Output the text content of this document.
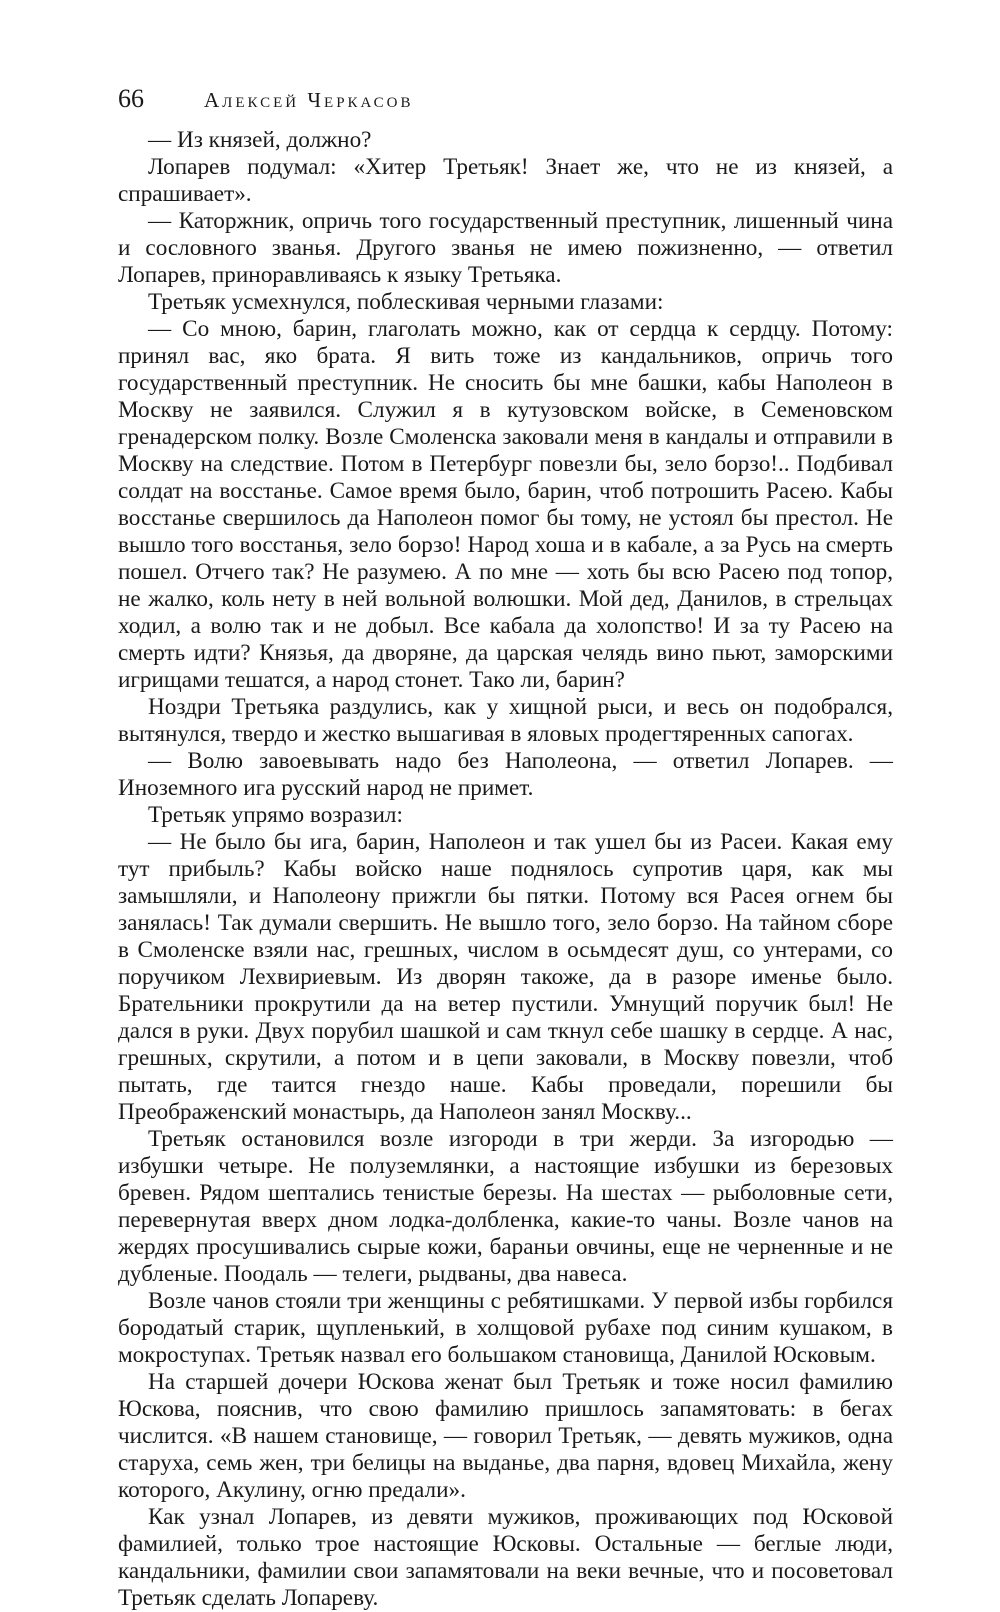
66	Алексей Черкасов

— Из князей, должно?

Лопарев подумал: «Хитер Третьяк! Знает же, что не из князей, а спрашивает».

— Каторжник, опричь того государственный преступник, лишенный чина и сословного званья. Другого званья не имею пожизненно, — ответил Лопарев, приноравливаясь к языку Третьяка.

Третьяк усмехнулся, поблескивая черными глазами:

— Со мною, барин, глаголать можно, как от сердца к сердцу. Потому: принял вас, яко брата. Я вить тоже из кандальников, опричь того государственный преступник. Не сносить бы мне башки, кабы Наполеон в Москву не заявился. Служил я в кутузовском войске, в Семеновском гренадерском полку. Возле Смоленска заковали меня в кандалы и отправили в Москву на следствие. Потом в Петербург повезли бы, зело борзо!.. Подбивал солдат на восстанье. Самое время было, барин, чтоб потрошить Расею. Кабы восстанье свершилось да Наполеон помог бы тому, не устоял бы престол. Не вышло того восстанья, зело борзо! Народ хоша и в кабале, а за Русь на смерть пошел. Отчего так? Не разумею. А по мне — хоть бы всю Расею под топор, не жалко, коль нету в ней вольной волюшки. Мой дед, Данилов, в стрельцах ходил, а волю так и не добыл. Все кабала да холопство! И за ту Расею на смерть идти? Князья, да дворяне, да царская челядь вино пьют, заморскими игрищами тешатся, а народ стонет. Тако ли, барин?

Ноздри Третьяка раздулись, как у хищной рыси, и весь он подобрался, вытянулся, твердо и жестко вышагивая в яловых продегтяренных сапогах.

— Волю завоевывать надо без Наполеона, — ответил Лопарев. — Иноземного ига русский народ не примет.

Третьяк упрямо возразил:

— Не было бы ига, барин, Наполеон и так ушел бы из Расеи. Какая ему тут прибыль? Кабы войско наше поднялось супротив царя, как мы замышляли, и Наполеону прижгли бы пятки. Потому вся Расея огнем бы занялась! Так думали свершить. Не вышло того, зело борзо. На тайном сборе в Смоленске взяли нас, грешных, числом в осьмдесят душ, со унтерами, со поручиком Лехвириевым. Из дворян такоже, да в разоре именье было. Брательники прокрутили да на ветер пустили. Умнущий поручик был! Не дался в руки. Двух порубил шашкой и сам ткнул себе шашку в сердце. А нас, грешных, скрутили, а потом и в цепи заковали, в Москву повезли, чтоб пытать, где таится гнездо наше. Кабы проведали, порешили бы Преображенский монастырь, да Наполеон занял Москву...

Третьяк остановился возле изгороди в три жерди. За изгородью — избушки четыре. Не полуземлянки, а настоящие избушки из березовых бревен. Рядом шептались тенистые березы. На шестах — рыболовные сети, перевернутая вверх дном лодка-долбленка, какие-то чаны. Возле чанов на жердях просушивались сырые кожи, бараньи овчины, еще не черненные и не дубленые. Поодаль — телеги, рыдваны, два навеса.

Возле чанов стояли три женщины с ребятишками. У первой избы горбился бородатый старик, щупленький, в холщовой рубахе под синим кушаком, в мокроступах. Третьяк назвал его большаком становища, Данилой Юсковым.

На старшей дочери Юскова женат был Третьяк и тоже носил фамилию Юскова, пояснив, что свою фамилию пришлось запамятовать: в бегах числится. «В нашем становище, — говорил Третьяк, — девять мужиков, одна старуха, семь жен, три белицы на выданье, два парня, вдовец Михайла, жену которого, Акулину, огню предали».

Как узнал Лопарев, из девяти мужиков, проживающих под Юсковой фамилией, только трое настоящие Юсковы. Остальные — беглые люди, кандальники, фамилии свои запамятовали на веки вечные, что и посоветовал Третьяк сделать Лопареву.
